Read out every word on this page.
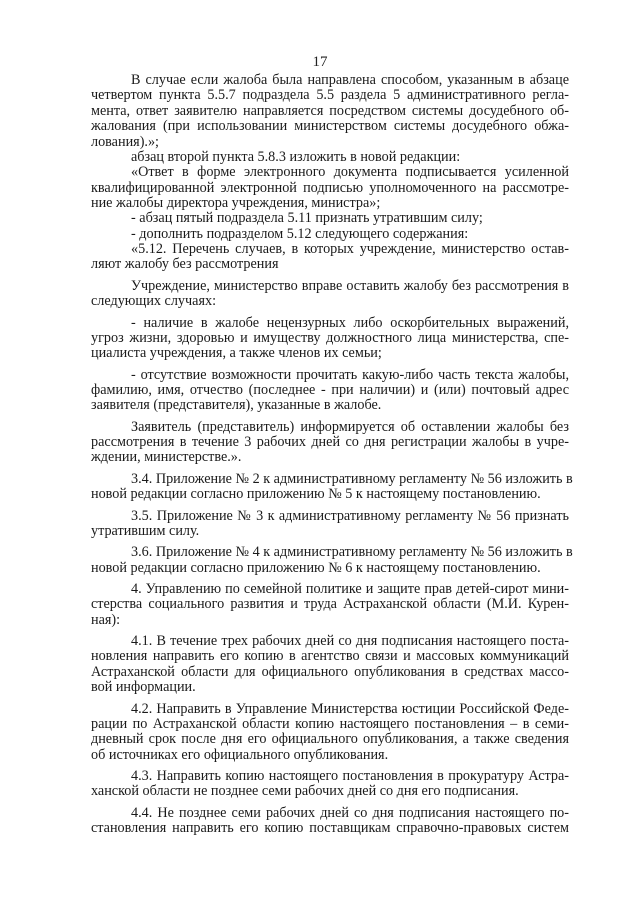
17
В случае если жалоба была направлена способом, указанным в абзаце
четвертом пункта 5.5.7 подраздела 5.5 раздела 5 административного регла-
мента, ответ заявителю направляется посредством системы досудебного об-
жалования (при использовании министерством системы досудебного обжа-
лования).»;
абзац второй пункта 5.8.3 изложить в новой редакции:
«Ответ в форме электронного документа подписывается усиленной
квалифицированной электронной подписью уполномоченного на рассмотре-
ние жалобы директора учреждения, министра»;
- абзац пятый подраздела 5.11 признать утратившим силу;
- дополнить подразделом 5.12 следующего содержания:
«5.12. Перечень случаев, в которых учреждение, министерство остав-
ляют жалобу без рассмотрения
Учреждение, министерство вправе оставить жалобу без рассмотрения в
следующих случаях:
- наличие в жалобе нецензурных либо оскорбительных выражений,
угроз жизни, здоровью и имуществу должностного лица министерства, спе-
циалиста учреждения, а также членов их семьи;
- отсутствие возможности прочитать какую-либо часть текста жалобы,
фамилию, имя, отчество (последнее - при наличии) и (или) почтовый адрес
заявителя (представителя), указанные в жалобе.
Заявитель (представитель) информируется об оставлении жалобы без
рассмотрения в течение 3 рабочих дней со дня регистрации жалобы в учре-
ждении, министерстве.».
3.4. Приложение № 2 к административному регламенту № 56 изложить в
новой редакции согласно приложению № 5 к настоящему постановлению.
3.5. Приложение № 3 к административному регламенту № 56 признать
утратившим силу.
3.6. Приложение № 4 к административному регламенту № 56 изложить в
новой редакции согласно приложению № 6 к настоящему постановлению.
4. Управлению по семейной политике и защите прав детей-сирот мини-
стерства социального развития и труда Астраханской области (М.И. Курен-
ная):
4.1. В течение трех рабочих дней со дня подписания настоящего поста-
новления направить его копию в агентство связи и массовых коммуникаций
Астраханской области для официального опубликования в средствах массо-
вой информации.
4.2. Направить в Управление Министерства юстиции Российской Феде-
рации по Астраханской области копию настоящего постановления – в семи-
дневный срок после дня его официального опубликования, а также сведения
об источниках его официального опубликования.
4.3. Направить копию настоящего постановления в прокуратуру Астра-
ханской области не позднее семи рабочих дней со дня его подписания.
4.4. Не позднее семи рабочих дней со дня подписания настоящего по-
становления направить его копию поставщикам справочно-правовых систем
